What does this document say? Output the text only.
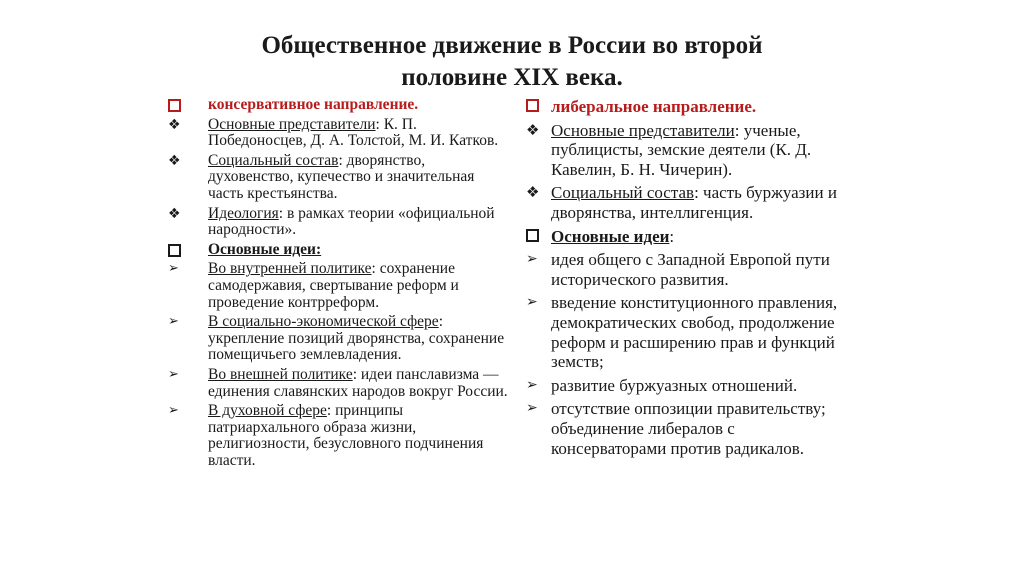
Общественное движение в России во второй
половине XIX века.
консервативное направление.
❖ Основные представители: К. П. Победоносцев, Д. А. Толстой, М. И. Катков.
❖ Социальный состав: дворянство, духовенство, купечество и значительная часть крестьянства.
❖ Идеология: в рамках теории «официальной народности».
Основные идеи:
➢	Во внутренней политике: сохранение самодержавия, свертывание реформ и проведение контрреформ.
➢	В социально-экономической сфере: укрепление позиций дворянства, сохранение помещичьего землевладения.
➢	Во внешней политике: идеи панславизма — единения славянских народов вокруг России.
➢	В духовной сфере: принципы патриархального образа жизни, религиозности, безусловного подчинения власти.
либеральное направление.
❖ Основные представители: ученые, публицисты, земские деятели (К. Д. Кавелин, Б. Н. Чичерин).
❖ Социальный состав: часть буржуазии и дворянства, интеллигенция.
Основные идеи:
➢ идея общего с Западной Европой пути исторического развития.
➢ введение конституционного правления, демократических свобод, продолжение реформ и расширению прав и функций земств;
➢ развитие буржуазных отношений.
➢ отсутствие оппозиции правительству; объединение либералов с консерваторами против радикалов.
